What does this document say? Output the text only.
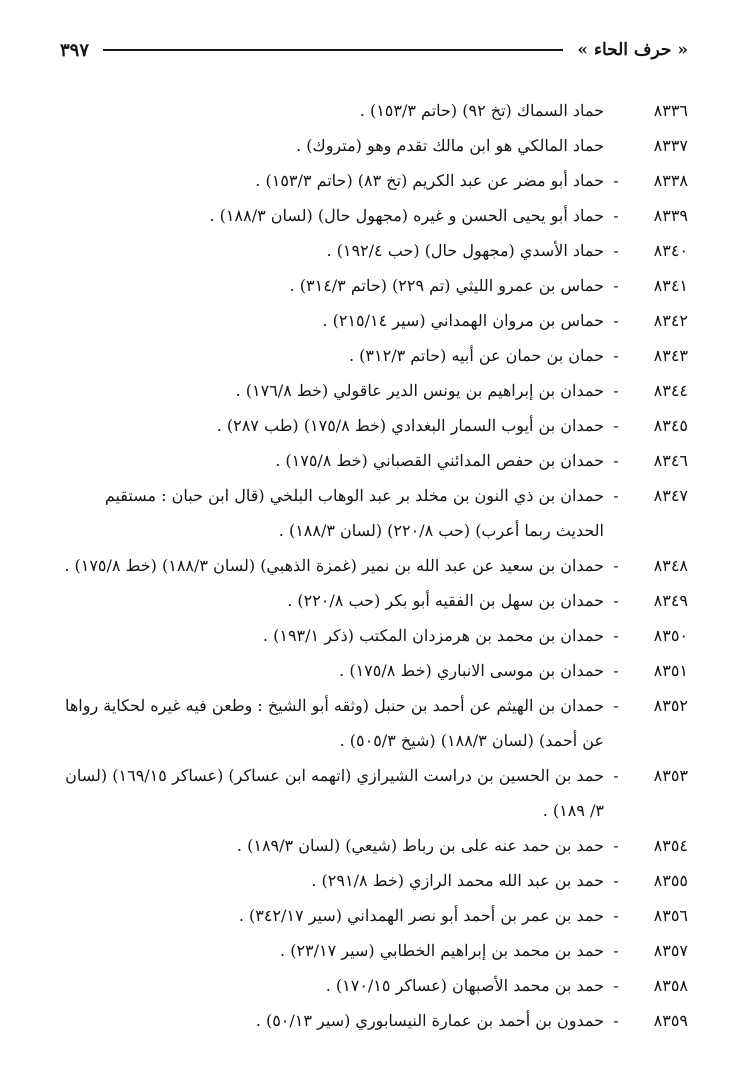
« حرف الحاء »
٣٩٧
٨٣٣٦
حماد السماك (تخ ٩٢) (حاتم ١٥٣/٣) .
٨٣٣٧
حماد المالكي هو ابن مالك تقدم وهو (متروك) .
٨٣٣٨
-
حماد أبو مضر عن عبد الكريم (تخ ٨٣) (حاتم ١٥٣/٣) .
٨٣٣٩
-
حماد أبو يحيى الحسن و غيره (مجهول حال) (لسان ١٨٨/٣) .
٨٣٤٠
-
حماد الأسدي (مجهول حال) (حب ١٩٢/٤) .
٨٣٤١
-
حماس بن عمرو الليثي (تم ٢٢٩) (حاتم ٣١٤/٣) .
٨٣٤٢
-
حماس بن مروان الهمداني (سير ٢١٥/١٤) .
٨٣٤٣
-
حمان بن حمان عن أبيه (حاتم ٣١٢/٣) .
٨٣٤٤
-
حمدان بن إبراهيم بن يونس الدير عاقولي (خط ١٧٦/٨) .
٨٣٤٥
-
حمدان بن أيوب السمار البغدادي (خط ١٧٥/٨) (طب ٢٨٧) .
٨٣٤٦
-
حمدان بن حفص المدائني القصباني (خط ١٧٥/٨) .
٨٣٤٧
-
حمدان بن ذي النون بن مخلد بر عبد الوهاب البلخي (قال ابن حبان : مستقيم الحديث ربما أعرب) (حب ٢٢٠/٨) (لسان ١٨٨/٣) .
٨٣٤٨
-
حمدان بن سعيد عن عبد الله بن نمير (غمزة الذهبي) (لسان ١٨٨/٣) (خط ١٧٥/٨) .
٨٣٤٩
-
حمدان بن سهل بن الفقيه أبو بكر (حب ٢٢٠/٨) .
٨٣٥٠
-
حمدان بن محمد بن هرمزدان المكتب (ذكر ١٩٣/١) .
٨٣٥١
-
حمدان بن موسى الانباري (خط ١٧٥/٨) .
٨٣٥٢
-
حمدان بن الهيثم عن أحمد بن حنبل (وثقه أبو الشيخ : وطعن فيه غيره لحكاية رواها عن أحمد) (لسان ١٨٨/٣) (شيخ ٥٠٥/٣) .
٨٣٥٣
-
حمد بن الحسين بن دراست الشيرازي (اتهمه ابن عساكر) (عساكر ١٦٩/١٥) (لسان ٣/ ١٨٩) .
٨٣٥٤
-
حمد بن حمد عنه على بن رباط (شيعي) (لسان ١٨٩/٣) .
٨٣٥٥
-
حمد بن عبد الله محمد الرازي (خط ٢٩١/٨) .
٨٣٥٦
-
حمد بن عمر بن أحمد أبو نصر الهمداني (سير ٣٤٢/١٧) .
٨٣٥٧
-
حمد بن محمد بن إبراهيم الخطابي (سير ٢٣/١٧) .
٨٣٥٨
-
حمد بن محمد الأصبهان (عساكر ١٧٠/١٥) .
٨٣٥٩
-
حمدون بن أحمد بن عمارة النيسابوري (سير ٥٠/١٣) .
